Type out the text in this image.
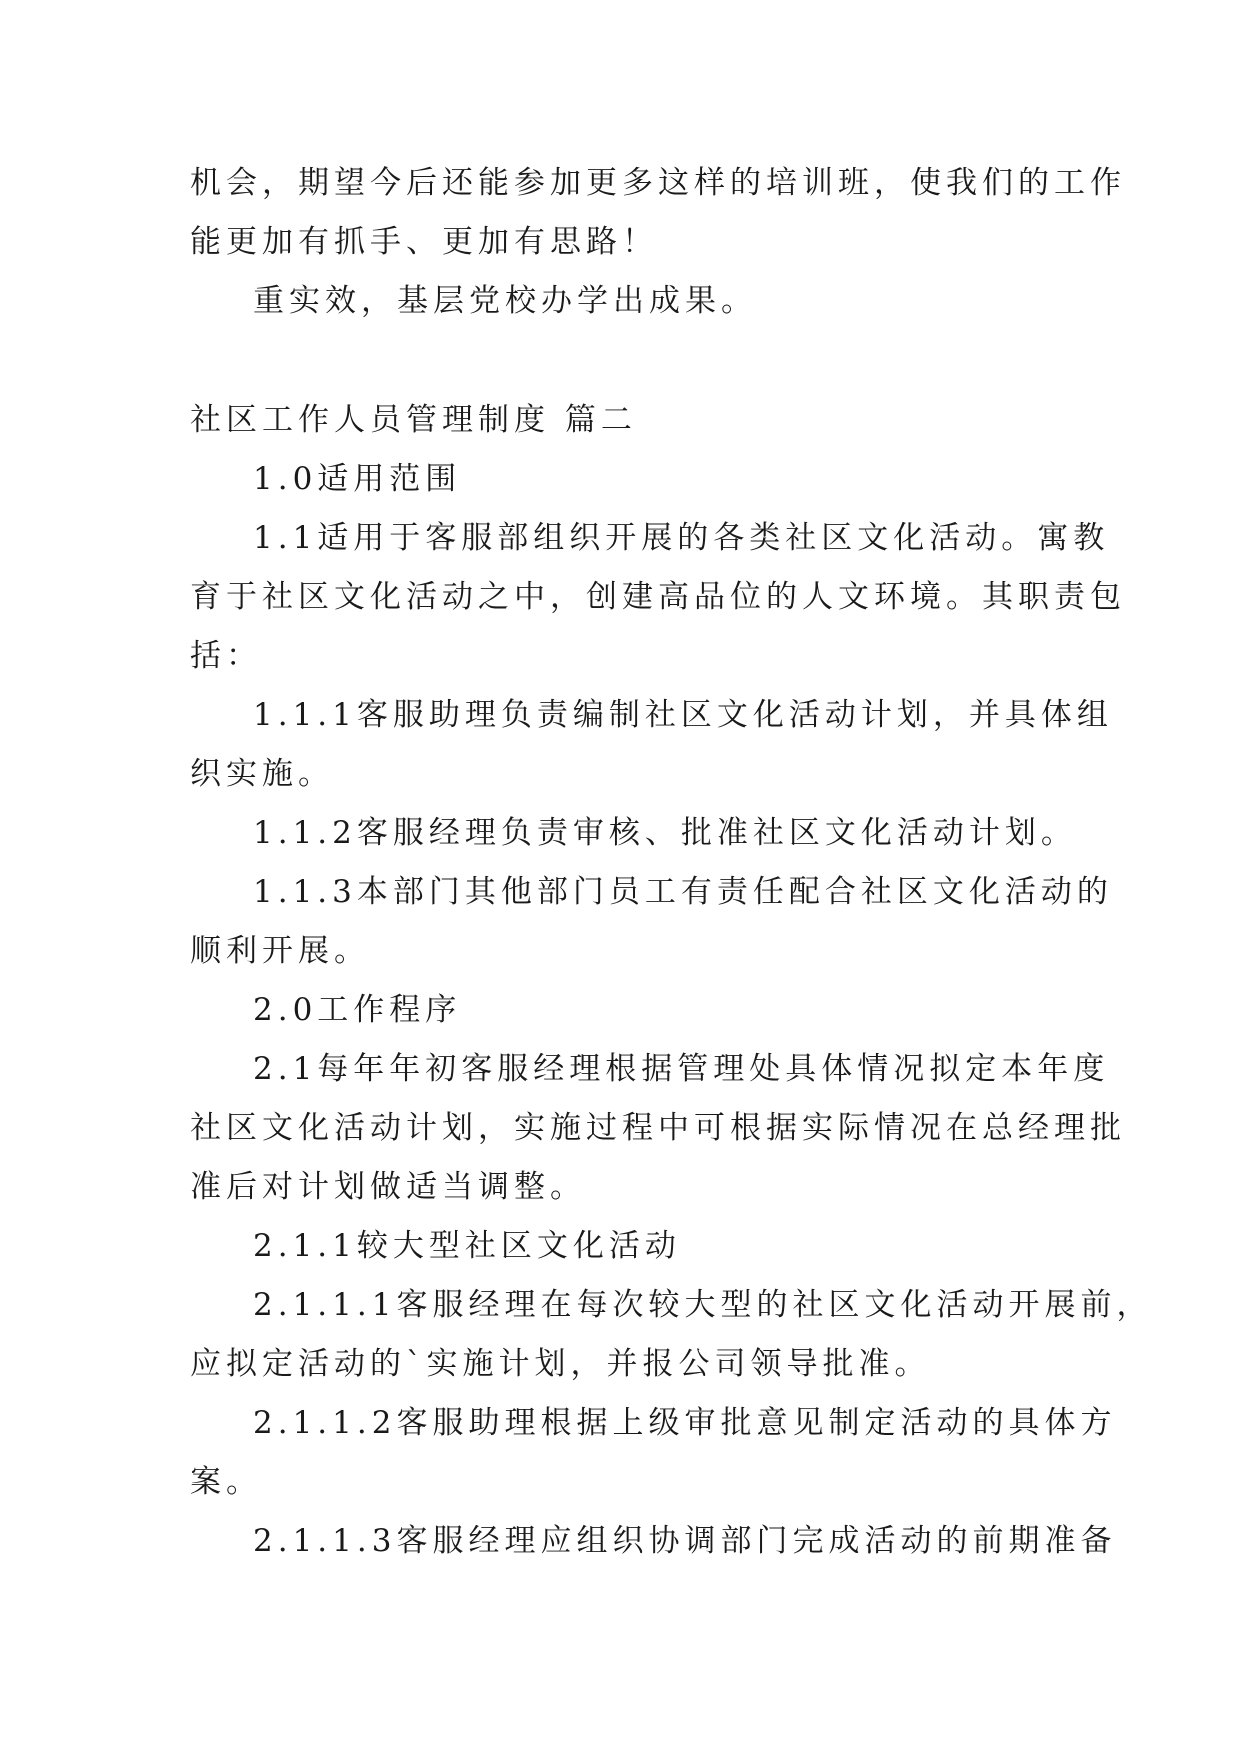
机会，期望今后还能参加更多这样的培训班，使我们的工作
能更加有抓手、更加有思路！
重实效，基层党校办学出成果。
社区工作人员管理制度 篇二
1.0适用范围
1.1适用于客服部组织开展的各类社区文化活动。寓教
育于社区文化活动之中，创建高品位的人文环境。其职责包
括：
1.1.1客服助理负责编制社区文化活动计划，并具体组
织实施。
1.1.2客服经理负责审核、批准社区文化活动计划。
1.1.3本部门其他部门员工有责任配合社区文化活动的
顺利开展。
2.0工作程序
2.1每年年初客服经理根据管理处具体情况拟定本年度
社区文化活动计划，实施过程中可根据实际情况在总经理批
准后对计划做适当调整。
2.1.1较大型社区文化活动
2.1.1.1客服经理在每次较大型的社区文化活动开展前，
应拟定活动的`实施计划，并报公司领导批准。
2.1.1.2客服助理根据上级审批意见制定活动的具体方
案。
2.1.1.3客服经理应组织协调部门完成活动的前期准备
